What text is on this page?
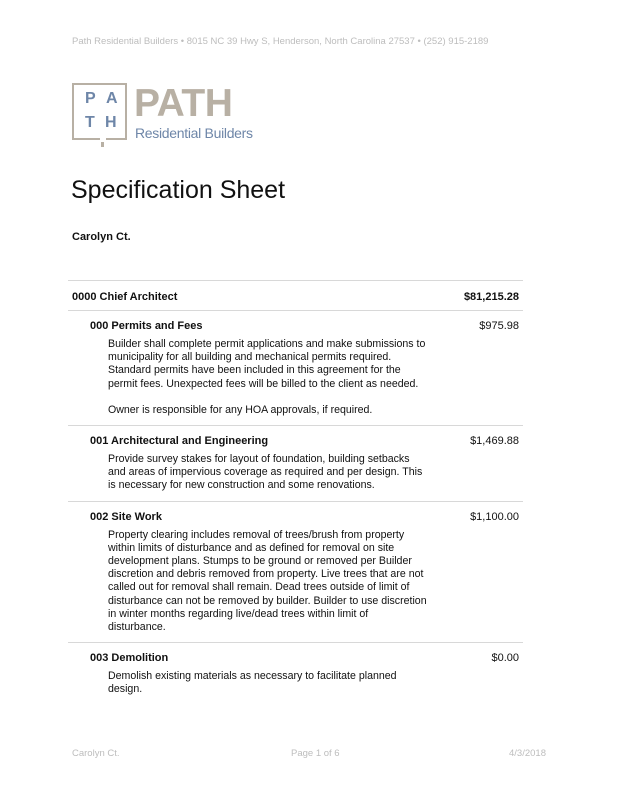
Path Residential Builders • 8015 NC 39 Hwy S, Henderson, North Carolina 27537 • (252) 915-2189
P A
T H PATH
Residential Builders
Specification Sheet
Carolyn Ct.
0000 Chief Architect	$81,215.28
000 Permits and Fees	$975.98

Builder shall complete permit applications and make submissions to municipality for all building and mechanical permits required. Standard permits have been included in this agreement for the permit fees. Unexpected fees will be billed to the client as needed.

Owner is responsible for any HOA approvals, if required.

001 Architectural and Engineering	$1,469.88

Provide survey stakes for layout of foundation, building setbacks and areas of impervious coverage as required and per design. This is necessary for new construction and some renovations.

002 Site Work	$1,100.00

Property clearing includes removal of trees/brush from property within limits of disturbance and as defined for removal on site development plans. Stumps to be ground or removed per Builder discretion and debris removed from property. Live trees that are not called out for removal shall remain. Dead trees outside of limit of disturbance can not be removed by builder. Builder to use discretion in winter months regarding live/dead trees within limit of disturbance.

003 Demolition	$0.00

Demolish existing materials as necessary to facilitate planned design.

Carolyn Ct.	Page 1 of 6	4/3/2018
